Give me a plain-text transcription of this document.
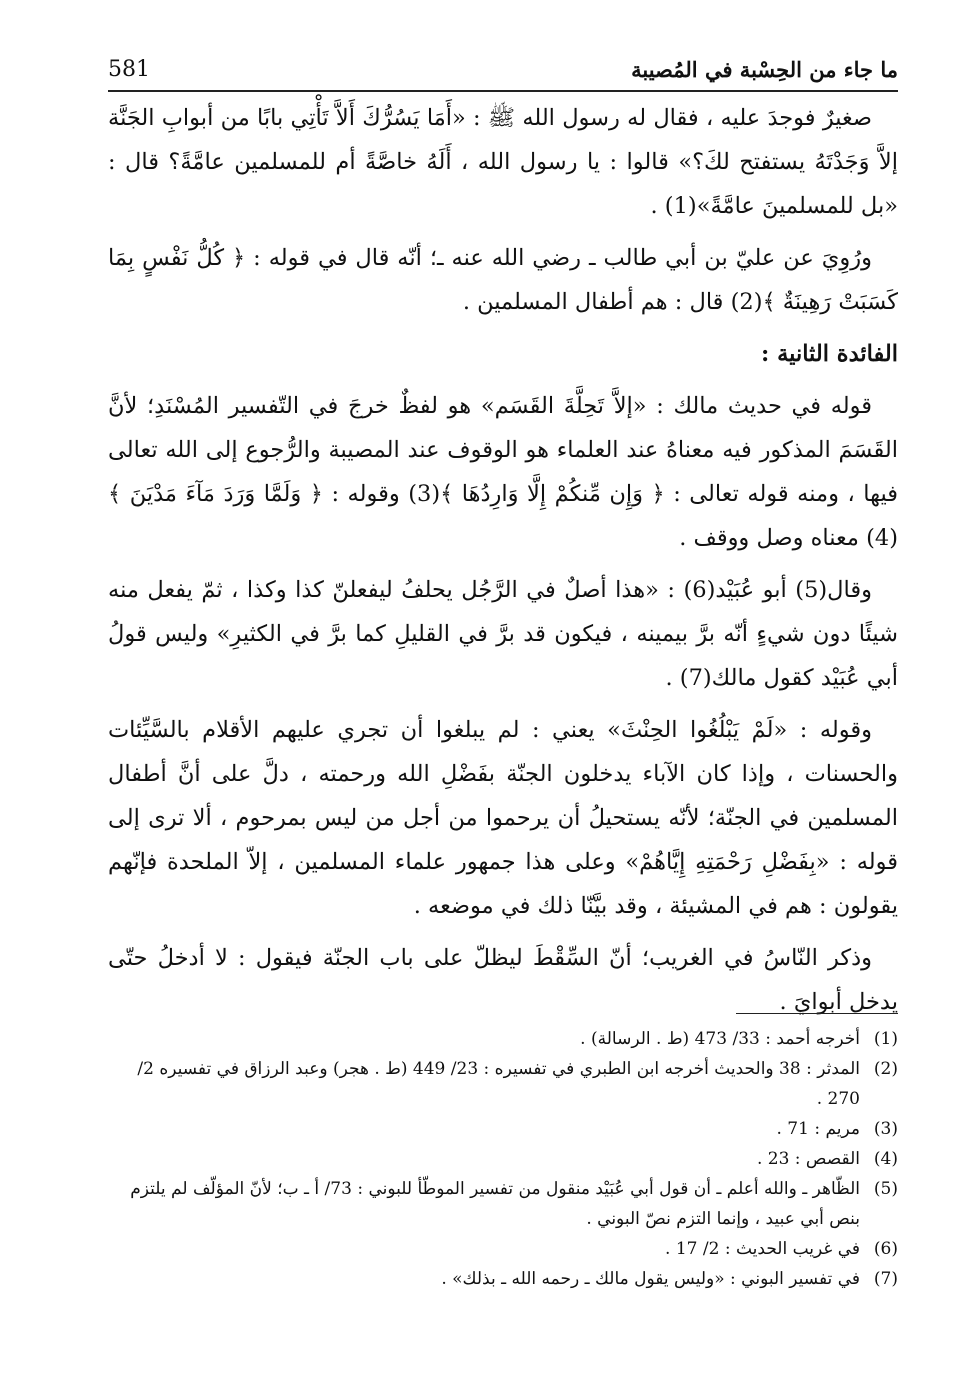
581	ما جاء من الحِسْبة في المُصيبة

صغيرٌ فوجدَ عليه ، فقال له رسول الله ﷺ : «أَمَا يَسُرُّكَ أَلاَّ تَأْتِي بابًا من أبوابِ الجَنَّة إلاَّ وَجَدْتَهُ يستفتح لكَ؟» قالوا : يا رسول الله ، أَلَهُ خاصَّةً أم للمسلمين عامَّةً؟ قال : «بل للمسلمينَ عامَّةً»(1) .

ورُوِيَ عن عليّ بن أبي طالب ـ رضي الله عنه ـ؛ أنّه قال في قوله : ﴿ كُلُّ نَفْسٍ بِمَا كَسَبَتْ رَهِينَةٌ ﴾(2) قال : هم أطفال المسلمين .

الفائدة الثانية :

قوله في حديث مالك : «إلاَّ تَحِلَّةَ القَسَم» هو لفظٌ خرجَ في التّفسير المُسْنَدِ؛ لأنَّ القَسَمَ المذكور فيه معناهُ عند العلماء هو الوقوف عند المصيبة والرُّجوع إلى الله تعالى فيها ، ومنه قوله تعالى : ﴿ وَإِن مِّنكُمْ إِلَّا وَارِدُهَا ﴾(3) وقوله : ﴿ وَلَمَّا وَرَدَ مَآءَ مَدْيَنَ ﴾(4) معناه وصل ووقف .

وقال(5) أبو عُبَيْد(6) : «هذا أصلٌ في الرَّجُل يحلفُ ليفعلنّ كذا وكذا ، ثمّ يفعل منه شيئًا دون شيءٍ أنّه برَّ بيمينه ، فيكون قد برَّ في القليلِ كما برَّ في الكثيرِ» وليس قولُ أبي عُبَيْد كقول مالك(7) .

وقوله : «لَمْ يَبْلُغُوا الحِنْثَ» يعني : لم يبلغوا أن تجري عليهم الأقلام بالسَّيِّئات والحسنات ، وإذا كان الآباء يدخلون الجنّة بفَضْلِ الله ورحمته ، دلَّ على أنَّ أطفال المسلمين في الجنّة؛ لأنّه يستحيلُ أن يرحموا من أجل من ليس بمرحوم ، ألا ترى إلى قوله : «بِفَضْلِ رَحْمَتِهِ إِيَّاهُمْ» وعلى هذا جمهور علماء المسلمين ، إلاّ الملحدة فإنّهم يقولون : هم في المشيئة ، وقد بيَّنّا ذلك في موضعه .

وذكر النّاسُ في الغريب؛ أنّ السِّقْطَ ليظلّ على باب الجنّة فيقول : لا أدخلُ حتّى يدخل أبوايَ .

(1)
أخرجه أحمد : 33/ 473 (ط . الرسالة) .
(2)
المدثر : 38 والحديث أخرجه ابن الطبري في تفسيره : 23/ 449 (ط . هجر) وعبد الرزاق في تفسيره 2/ 270 .
(3)
مريم : 71 .
(4)
القصص : 23 .
(5)
الظّاهر ـ والله أعلم ـ أن قول أبي عُبَيْد منقول من تفسير الموطّأ للبوني : 73/ أ ـ ب؛ لأنّ المؤلّف لم يلتزم بنص أبي عبيد ، وإنما التزم نصّ البوني .
(6)
في غريب الحديث : 2/ 17 .
(7)
في تفسير البوني : «وليس يقول مالك ـ رحمه الله ـ بذلك» .
